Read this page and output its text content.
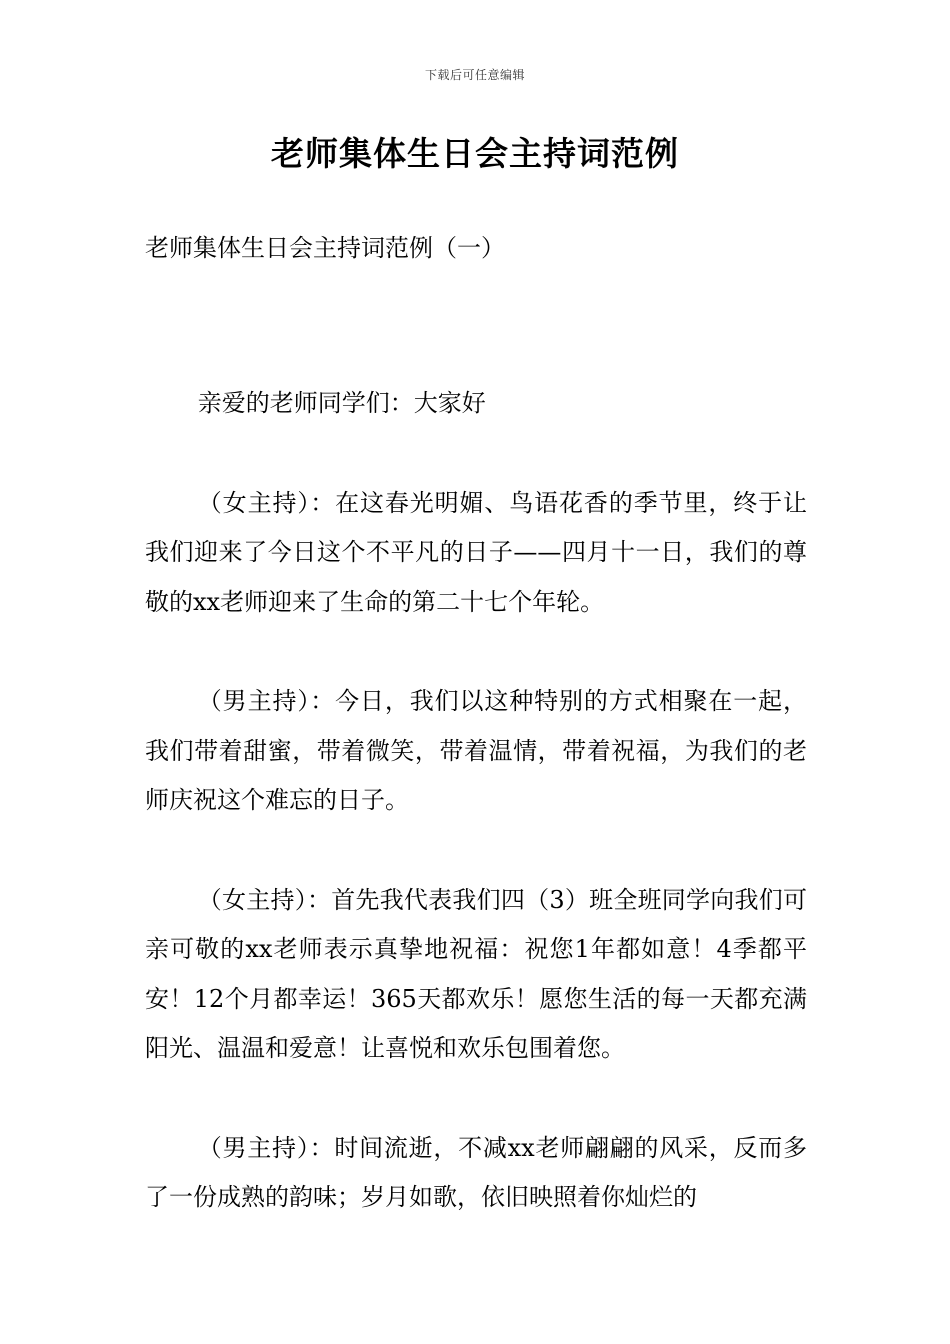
下载后可任意编辑
老师集体生日会主持词范例
老师集体生日会主持词范例（一）

亲爱的老师同学们：大家好

（女主持）：在这春光明媚、鸟语花香的季节里，终于让我们迎来了今日这个不平凡的日子——四月十一日，我们的尊敬的xx老师迎来了生命的第二十七个年轮。

（男主持）：今日，我们以这种特别的方式相聚在一起，我们带着甜蜜，带着微笑，带着温情，带着祝福，为我们的老师庆祝这个难忘的日子。

（女主持）：首先我代表我们四（3）班全班同学向我们可亲可敬的xx老师表示真挚地祝福：祝您1年都如意！4季都平安！12个月都幸运！365天都欢乐！愿您生活的每一天都充满阳光、温温和爱意！让喜悦和欢乐包围着您。

（男主持）：时间流逝，不减xx老师翩翩的风采，反而多了一份成熟的韵味；岁月如歌，依旧映照着你灿烂的
